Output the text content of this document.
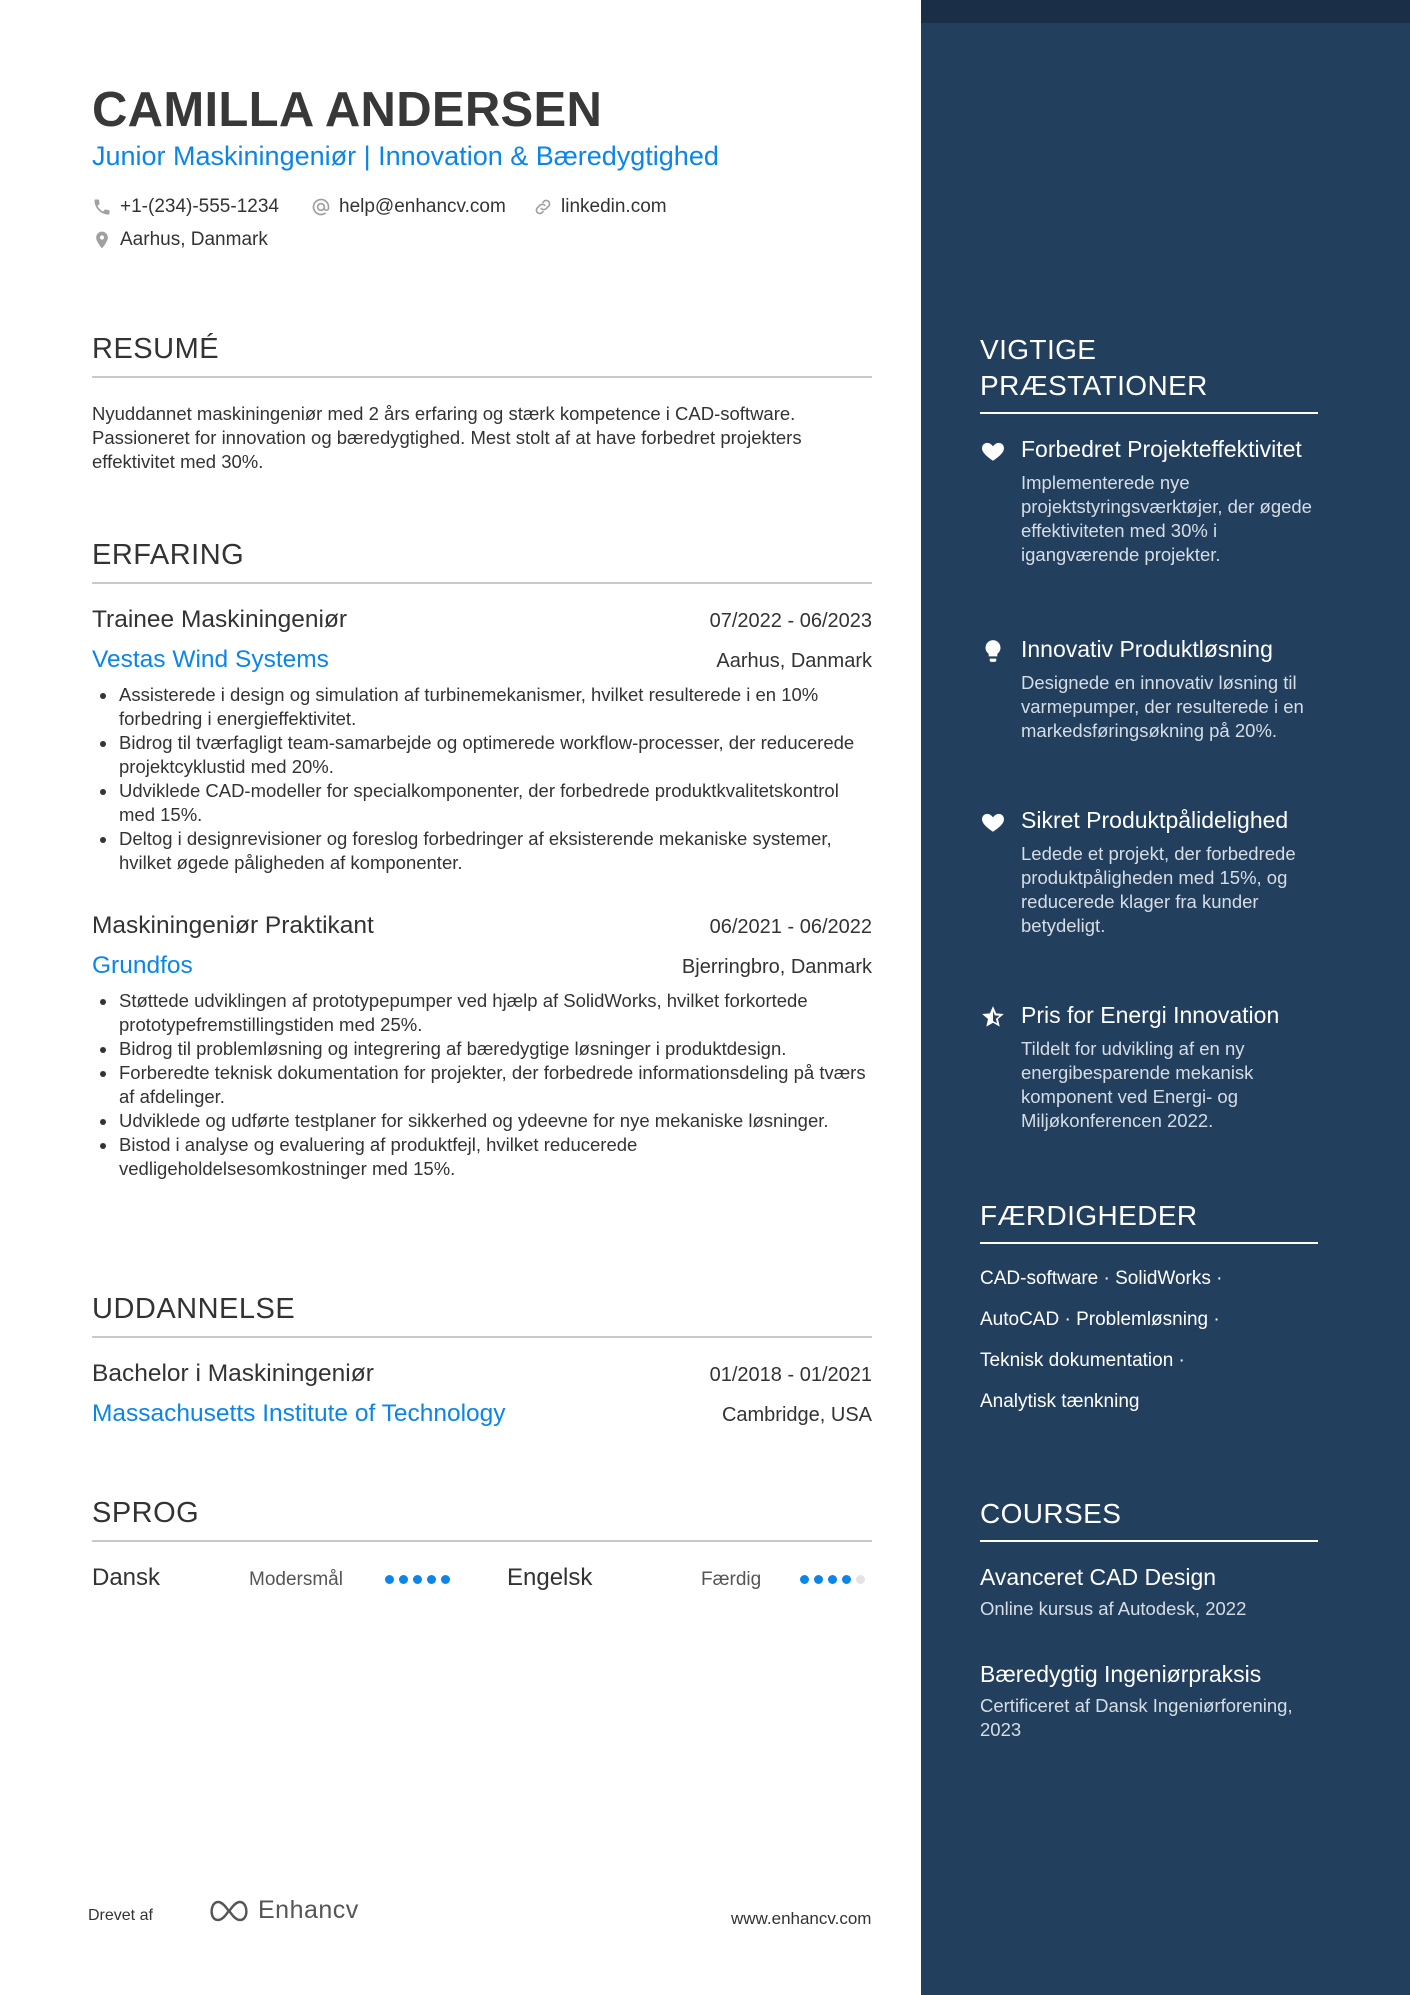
CAMILLA ANDERSEN
Junior Maskiningeniør | Innovation & Bæredygtighed
+1-(234)-555-1234	help@enhancv.com	linkedin.com
Aarhus, Danmark
RESUMÉ
Nyuddannet maskiningeniør med 2 års erfaring og stærk kompetence i CAD-software. Passioneret for innovation og bæredygtighed. Mest stolt af at have forbedret projekters effektivitet med 30%.
ERFARING
Trainee Maskiningeniør	07/2022 - 06/2023
Vestas Wind Systems	Aarhus, Danmark
Assisterede i design og simulation af turbinemekanismer, hvilket resulterede i en 10% forbedring i energieffektivitet.
Bidrog til tværfagligt team-samarbejde og optimerede workflow-processer, der reducerede projektcyklustid med 20%.
Udviklede CAD-modeller for specialkomponenter, der forbedrede produktkvalitetskontrol med 15%.
Deltog i designrevisioner og foreslog forbedringer af eksisterende mekaniske systemer, hvilket øgede påligheden af komponenter.
Maskiningeniør Praktikant	06/2021 - 06/2022
Grundfos	Bjerringbro, Danmark
Støttede udviklingen af prototypepumper ved hjælp af SolidWorks, hvilket forkortede prototypefremstillingstiden med 25%.
Bidrog til problemløsning og integrering af bæredygtige løsninger i produktdesign.
Forberedte teknisk dokumentation for projekter, der forbedrede informationsdeling på tværs af afdelinger.
Udviklede og udførte testplaner for sikkerhed og ydeevne for nye mekaniske løsninger.
Bistod i analyse og evaluering af produktfejl, hvilket reducerede vedligeholdelsesomkostninger med 15%.
UDDANNELSE
Bachelor i Maskiningeniør	01/2018 - 01/2021
Massachusetts Institute of Technology	Cambridge, USA
SPROG
Dansk	Modersmål	Engelsk	Færdig
Drevet af	Enhancv	www.enhancv.com
VIGTIGE PRÆSTATIONER
Forbedret Projekteffektivitet
Implementerede nye projektstyringsværktøjer, der øgede effektiviteten med 30% i igangværende projekter.
Innovativ Produktløsning
Designede en innovativ løsning til varmepumper, der resulterede i en markedsføringsøkning på 20%.
Sikret Produktpålidelighed
Ledede et projekt, der forbedrede produktpåligheden med 15%, og reducerede klager fra kunder betydeligt.
Pris for Energi Innovation
Tildelt for udvikling af en ny energibesparende mekanisk komponent ved Energi- og Miljøkonferencen 2022.
FÆRDIGHEDER
CAD-software · SolidWorks ·
AutoCAD · Problemløsning ·
Teknisk dokumentation ·
Analytisk tænkning
COURSES
Avanceret CAD Design
Online kursus af Autodesk, 2022
Bæredygtig Ingeniørpraksis
Certificeret af Dansk Ingeniørforening, 2023
